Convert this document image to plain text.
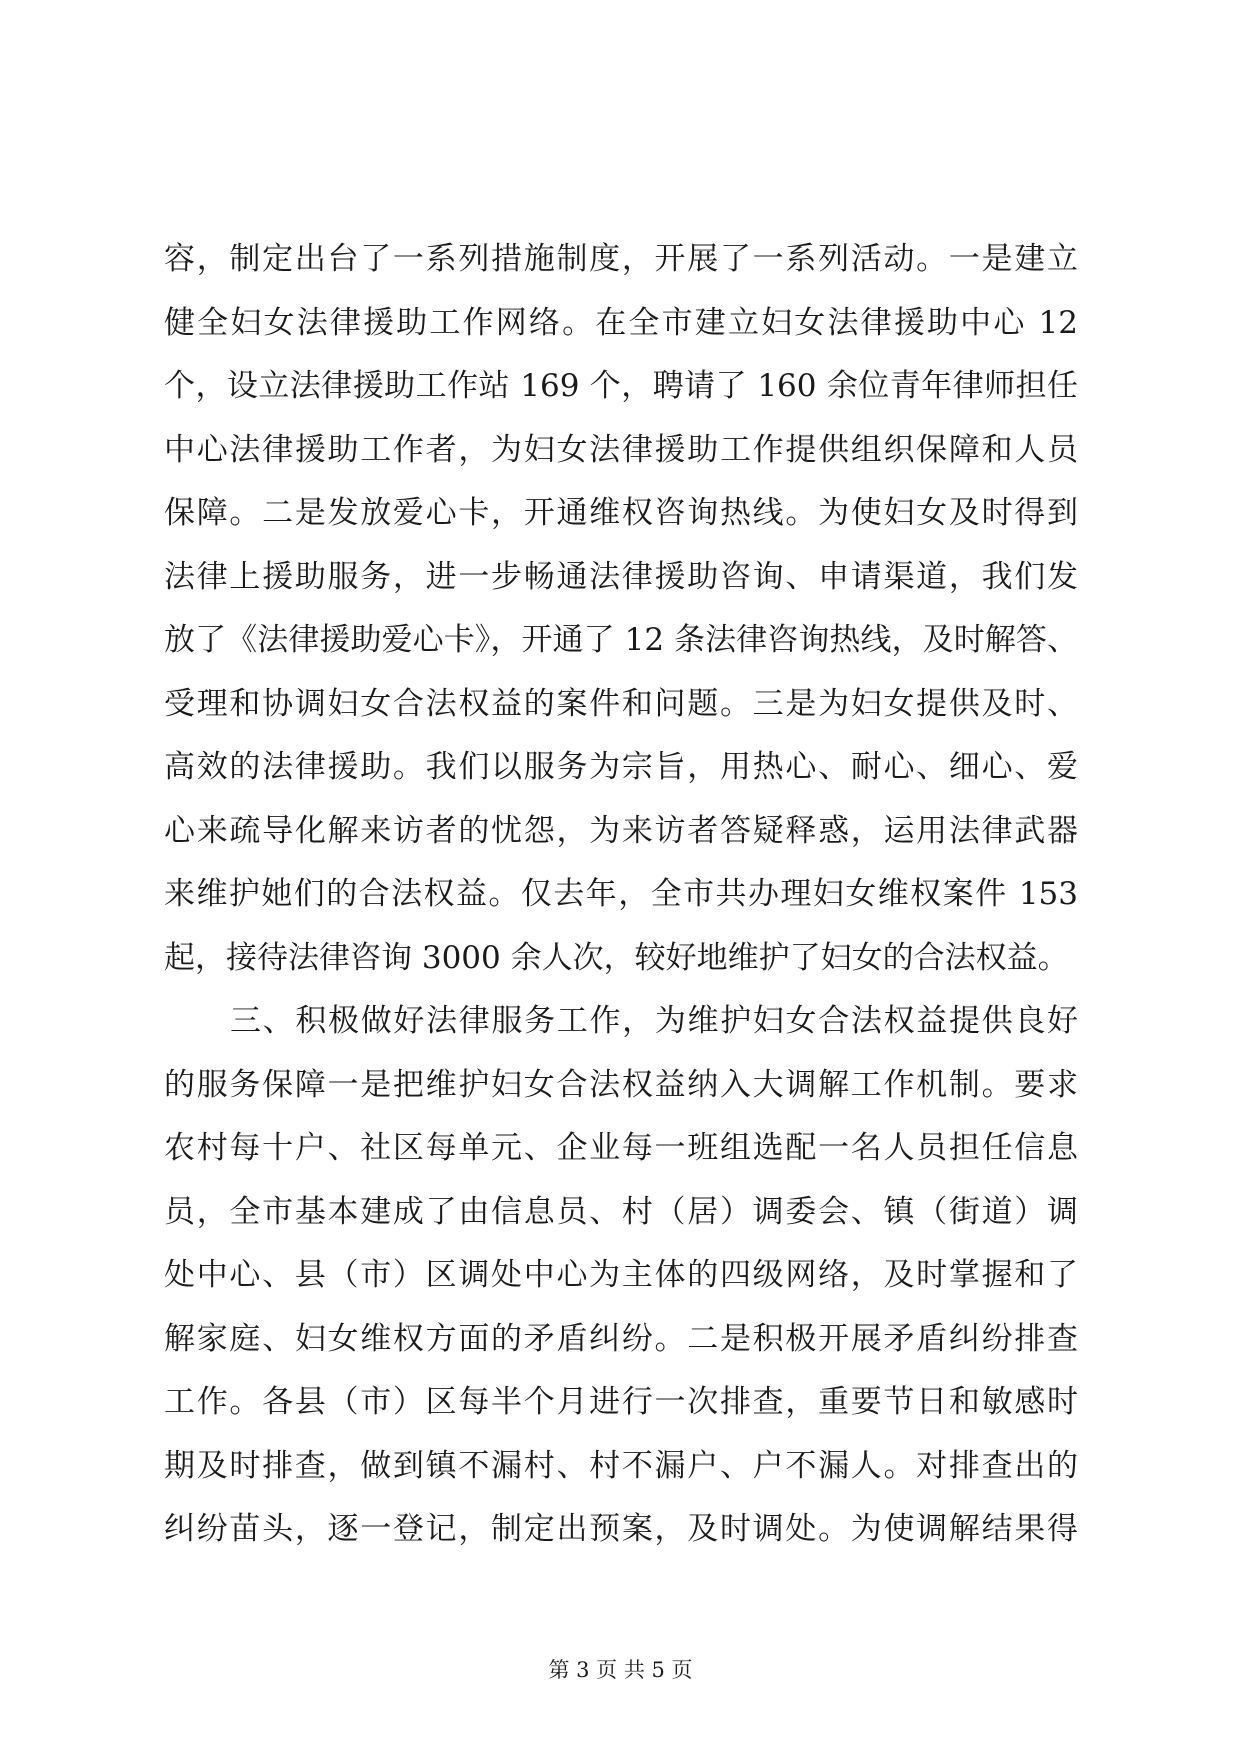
容，制定出台了一系列措施制度，开展了一系列活动。一是建立
健全妇女法律援助工作网络。在全市建立妇女法律援助中心 12
个，设立法律援助工作站 169 个，聘请了 160 余位青年律师担任
中心法律援助工作者，为妇女法律援助工作提供组织保障和人员
保障。二是发放爱心卡，开通维权咨询热线。为使妇女及时得到
法律上援助服务，进一步畅通法律援助咨询、申请渠道，我们发
放了《法律援助爱心卡》，开通了 12 条法律咨询热线，及时解答、
受理和协调妇女合法权益的案件和问题。三是为妇女提供及时、
高效的法律援助。我们以服务为宗旨，用热心、耐心、细心、爱
心来疏导化解来访者的忧怨，为来访者答疑释惑，运用法律武器
来维护她们的合法权益。仅去年，全市共办理妇女维权案件 153
起，接待法律咨询 3000 余人次，较好地维护了妇女的合法权益。
三、积极做好法律服务工作，为维护妇女合法权益提供良好
的服务保障一是把维护妇女合法权益纳入大调解工作机制。要求
农村每十户、社区每单元、企业每一班组选配一名人员担任信息
员，全市基本建成了由信息员、村（居）调委会、镇（街道）调
处中心、县（市）区调处中心为主体的四级网络，及时掌握和了
解家庭、妇女维权方面的矛盾纠纷。二是积极开展矛盾纠纷排查
工作。各县（市）区每半个月进行一次排查，重要节日和敏感时
期及时排查，做到镇不漏村、村不漏户、户不漏人。对排查出的
纠纷苗头，逐一登记，制定出预案，及时调处。为使调解结果得
第 3 页 共 5 页
